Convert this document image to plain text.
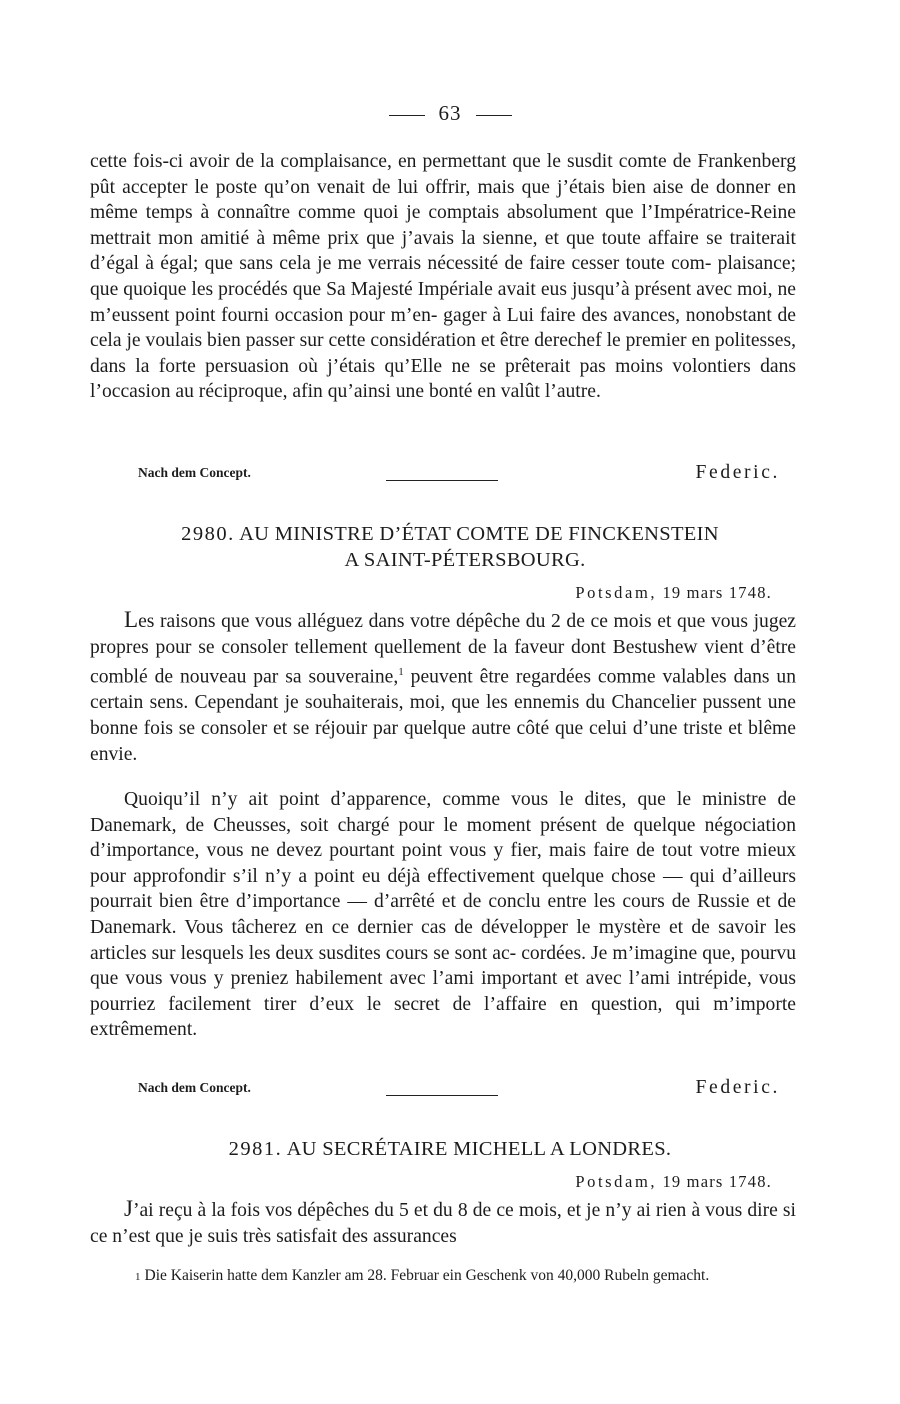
63
cette fois-ci avoir de la complaisance, en permettant que le susdit comte de Frankenberg pût accepter le poste qu’on venait de lui offrir, mais que j’étais bien aise de donner en même temps à connaître comme quoi je comptais absolument que l’Impératrice-Reine mettrait mon amitié à même prix que j’avais la sienne, et que toute affaire se traiterait d’égal à égal; que sans cela je me verrais nécessité de faire cesser toute com- plaisance; que quoique les procédés que Sa Majesté Impériale avait eus jusqu’à présent avec moi, ne m’eussent point fourni occasion pour m’en- gager à Lui faire des avances, nonobstant de cela je voulais bien passer sur cette considération et être derechef le premier en politesses, dans la forte persuasion où j’étais qu’Elle ne se prêterait pas moins volontiers dans l’occasion au réciproque, afin qu’ainsi une bonté en valût l’autre.
Nach dem Concept.	Federic.
2980. AU MINISTRE D’ÉTAT COMTE DE FINCKENSTEIN
A SAINT-PÉTERSBOURG.
Potsdam, 19 mars 1748.
Les raisons que vous alléguez dans votre dépêche du 2 de ce mois et que vous jugez propres pour se consoler tellement quellement de la faveur dont Bestushew vient d’être comblé de nouveau par sa souveraine,$^1$ peuvent être regardées comme valables dans un certain sens. Cependant je souhaiterais, moi, que les ennemis du Chancelier pussent une bonne fois se consoler et se réjouir par quelque autre côté que celui d’une triste et blême envie.
Quoiqu’il n’y ait point d’apparence, comme vous le dites, que le ministre de Danemark, de Cheusses, soit chargé pour le moment présent de quelque négociation d’importance, vous ne devez pourtant point vous y fier, mais faire de tout votre mieux pour approfondir s’il n’y a point eu déjà effectivement quelque chose — qui d’ailleurs pourrait bien être d’importance — d’arrêté et de conclu entre les cours de Russie et de Danemark. Vous tâcherez en ce dernier cas de développer le mystère et de savoir les articles sur lesquels les deux susdites cours se sont ac- cordées. Je m’imagine que, pourvu que vous vous y preniez habilement avec l’ami important et avec l’ami intrépide, vous pourriez facilement tirer d’eux le secret de l’affaire en question, qui m’importe extrêmement.
Nach dem Concept.	Federic.
2981. AU SECRÉTAIRE MICHELL A LONDRES.
Potsdam, 19 mars 1748.
J’ai reçu à la fois vos dépêches du 5 et du 8 de ce mois, et je n’y ai rien à vous dire si ce n’est que je suis très satisfait des assurances
1 Die Kaiserin hatte dem Kanzler am 28. Februar ein Geschenk von 40,000 Rubeln gemacht.
